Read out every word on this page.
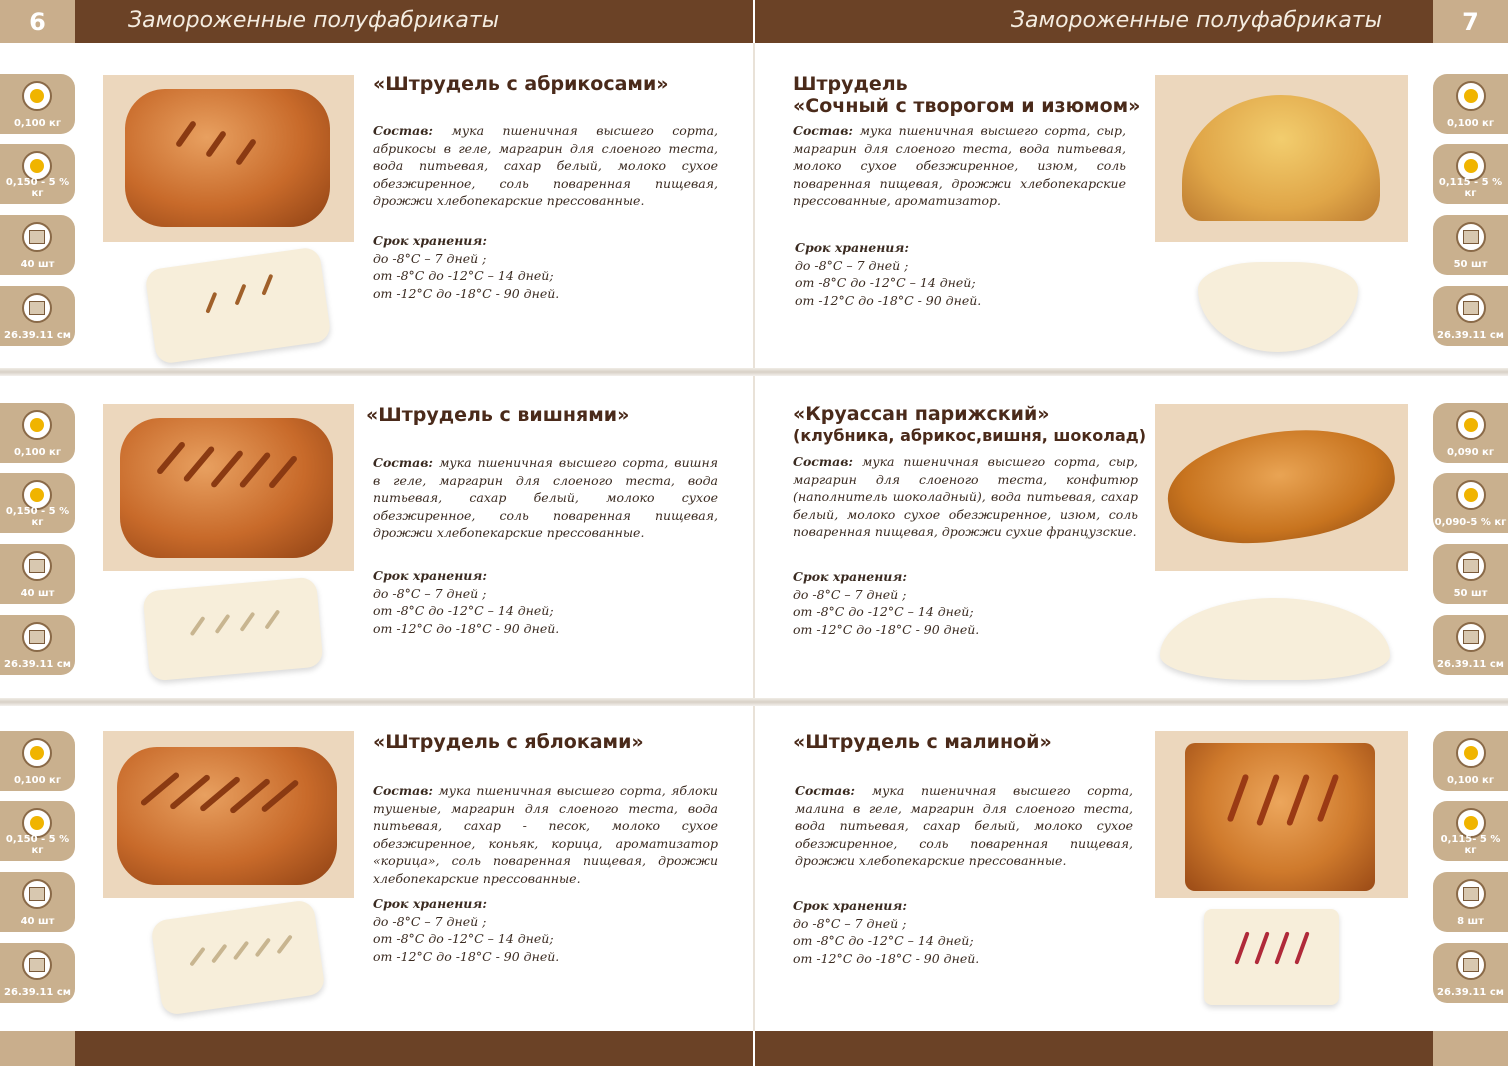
6	Замороженные полуфабрикаты	Замороженные полуфабрикаты	7
«Штрудель с абрикосами»
Состав: мука пшеничная высшего сорта, абрикосы в геле, маргарин для слоеного теста, вода питьевая, сахар белый, молоко сухое обезжиренное, соль поваренная пищевая, дрожжи хлебопекарские прессованные.
Срок хранения:
до -8°С – 7 дней ;
от -8°С до -12°С – 14 дней;
от -12°С до -18°С - 90 дней.
0,100 кг
0,150 - 5 % кг
40 шт
26.39.11 см
Штрудель
«Сочный с творогом и изюмом»
Состав: мука пшеничная высшего сорта, сыр, маргарин для слоеного теста, вода питьевая, молоко сухое обезжиренное, изюм, соль поваренная пищевая, дрожжи хлебопекарские прессованные, ароматизатор.
Срок хранения:
до -8°С – 7 дней ;
от -8°С до -12°С – 14 дней;
от -12°С до -18°С - 90 дней.
0,100 кг
0,115 - 5 % кг
50 шт
26.39.11 см
«Штрудель с вишнями»
Состав: мука пшеничная высшего сорта, вишня в геле, маргарин для слоеного теста, вода питьевая, сахар белый, молоко сухое обезжиренное, соль поваренная пищевая, дрожжи хлебопекарские прессованные.
Срок хранения:
до -8°С – 7 дней ;
от -8°С до -12°С – 14 дней;
от -12°С до -18°С - 90 дней.
0,100 кг
0,150 - 5 % кг
40 шт
26.39.11 см
«Круассан парижский»
(клубника, абрикос,вишня, шоколад)
Состав: мука пшеничная высшего сорта, сыр, маргарин для слоеного теста, конфитюр (наполнитель шоколадный), вода питьевая, сахар белый, молоко сухое обезжиренное, изюм, соль поваренная пищевая, дрожжи сухие французские.
Срок хранения:
до -8°С – 7 дней ;
от -8°С до -12°С – 14 дней;
от -12°С до -18°С - 90 дней.
0,090 кг
0,090-5 % кг
50 шт
26.39.11 см
«Штрудель с яблоками»
Состав: мука пшеничная высшего сорта, яблоки тушеные, маргарин для слоеного теста, вода питьевая, сахар - песок, молоко сухое обезжиренное, коньяк, корица, ароматизатор «корица», соль поваренная пищевая, дрожжи хлебопекарские прессованные.
Срок хранения:
до -8°С – 7 дней ;
от -8°С до -12°С – 14 дней;
от -12°С до -18°С - 90 дней.
0,100 кг
0,150 - 5 % кг
40 шт
26.39.11 см
«Штрудель с малиной»
Состав: мука пшеничная высшего сорта, малина в геле, маргарин для слоеного теста, вода питьевая, сахар белый, молоко сухое обезжиренное, соль поваренная пищевая, дрожжи хлебопекарские прессованные.
Срок хранения:
до -8°С – 7 дней ;
от -8°С до -12°С – 14 дней;
от -12°С до -18°С - 90 дней.
0,100 кг
0,115- 5 % кг
8 шт
26.39.11 см
